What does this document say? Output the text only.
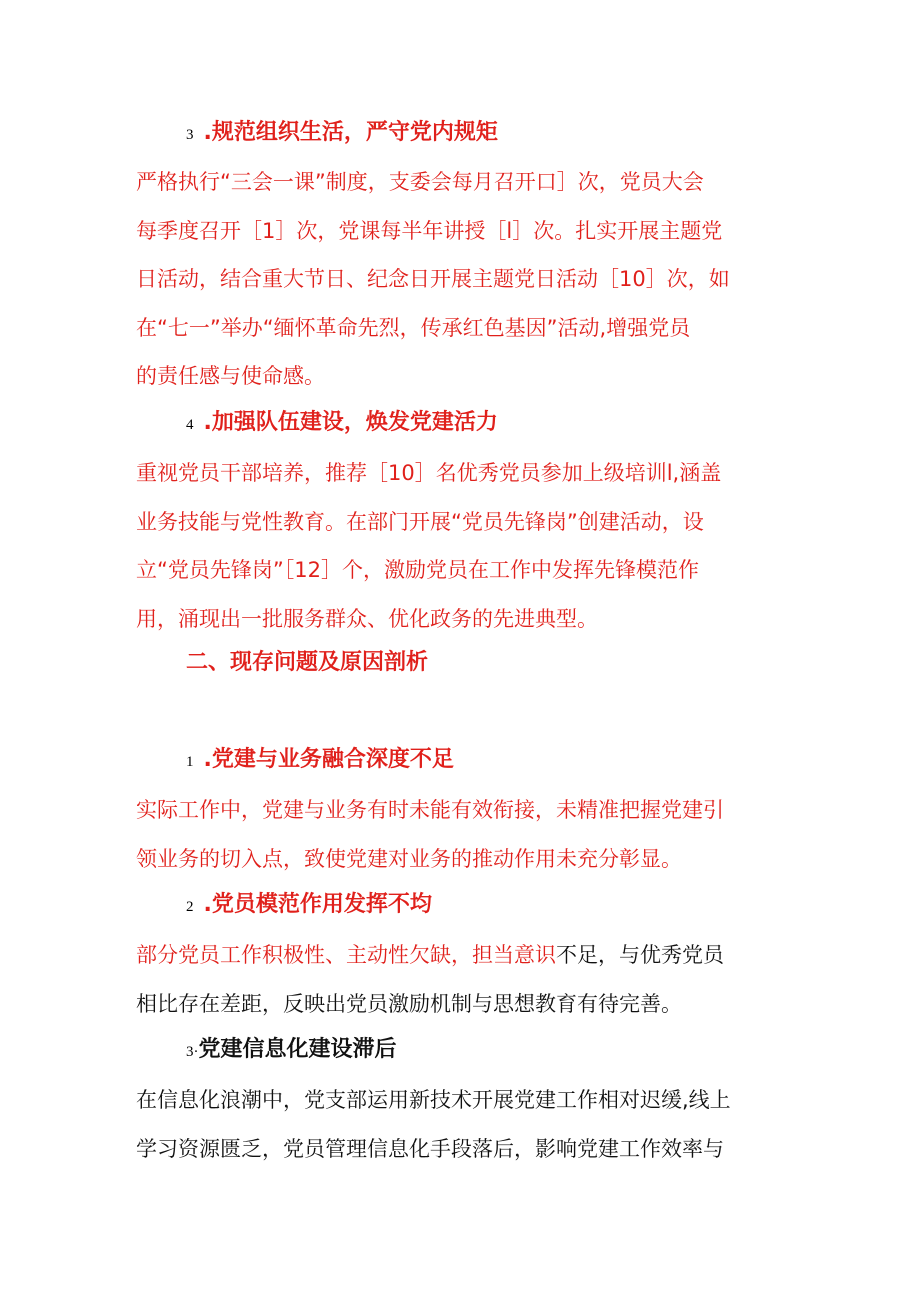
3 .规范组织生活，严守党内规矩
严格执行“三会一课”制度，支委会每月召开口］次，党员大会
每季度召开［1］次，党课每半年讲授［l］次。扎实开展主题党
日活动，结合重大节日、纪念日开展主题党日活动［10］次，如
在“七一”举办“缅怀革命先烈，传承红色基因”活动,增强党员
的责任感与使命感。
4 .加强队伍建设，焕发党建活力
重视党员干部培养，推荐［10］名优秀党员参加上级培训l,涵盖
业务技能与党性教育。在部门开展“党员先锋岗”创建活动，设
立“党员先锋岗”［12］个，激励党员在工作中发挥先锋模范作
用，涌现出一批服务群众、优化政务的先进典型。
二、现存问题及原因剖析
1 .党建与业务融合深度不足
实际工作中，党建与业务有时未能有效衔接，未精准把握党建引
领业务的切入点，致使党建对业务的推动作用未充分彰显。
2 .党员模范作用发挥不均
部分党员工作积极性、主动性欠缺，担当意识不足，与优秀党员
相比存在差距，反映出党员激励机制与思想教育有待完善。
3·党建信息化建设滞后
在信息化浪潮中，党支部运用新技术开展党建工作相对迟缓,线上
学习资源匮乏，党员管理信息化手段落后，影响党建工作效率与
